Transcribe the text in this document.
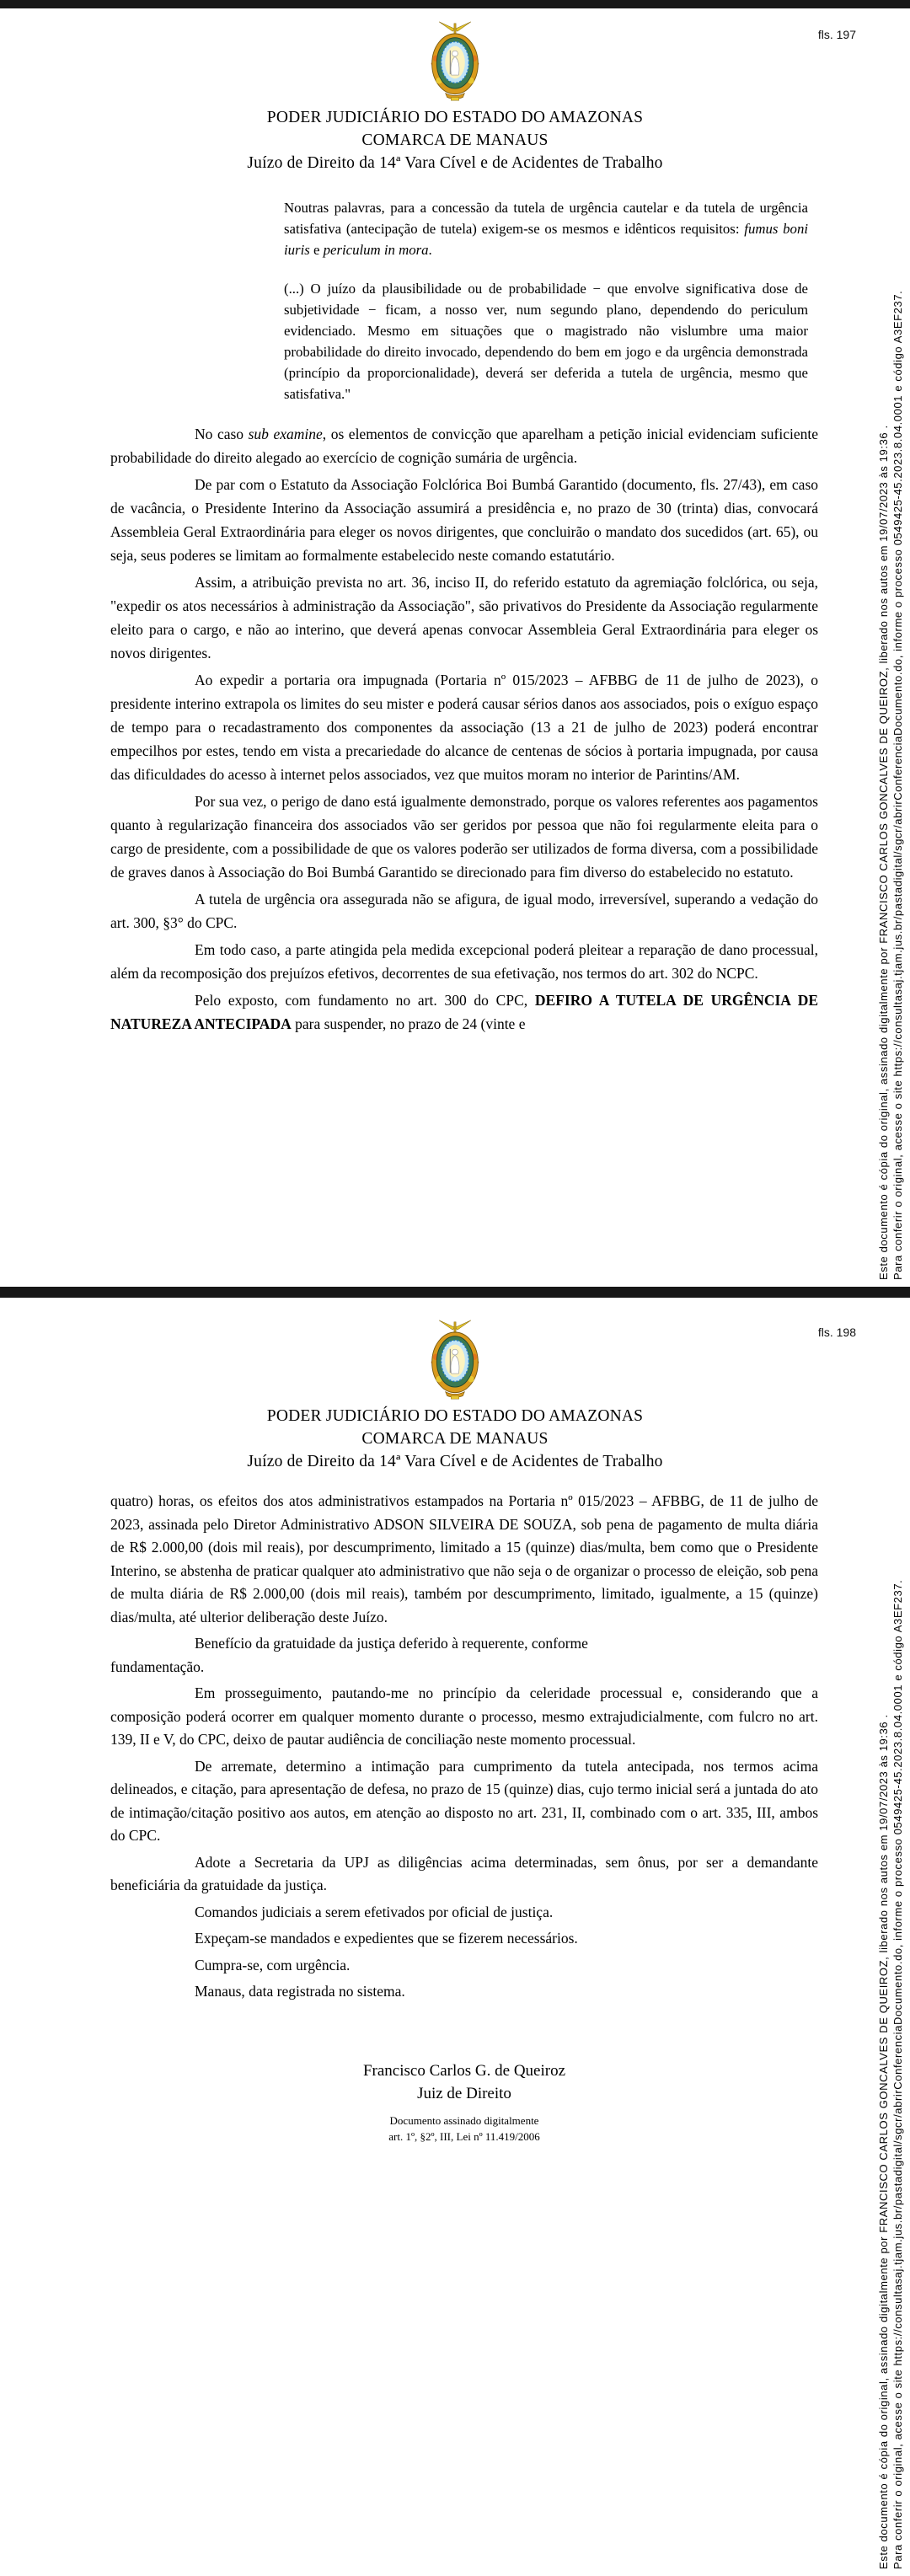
fls. 197
PODER JUDICIÁRIO DO ESTADO DO AMAZONAS
COMARCA DE MANAUS
Juízo de Direito da 14ª Vara Cível e de Acidentes de Trabalho

Noutras palavras, para a concessão da tutela de urgência cautelar e da tutela de urgência satisfativa (antecipação de tutela) exigem-se os mesmos e idênticos requisitos: fumus boni iuris e periculum in mora.

(...) O juízo da plausibilidade ou de probabilidade − que envolve significativa dose de subjetividade − ficam, a nosso ver, num segundo plano, dependendo do periculum evidenciado. Mesmo em situações que o magistrado não vislumbre uma maior probabilidade do direito invocado, dependendo do bem em jogo e da urgência demonstrada (princípio da proporcionalidade), deverá ser deferida a tutela de urgência, mesmo que satisfativa."

No caso sub examine, os elementos de convicção que aparelham a petição inicial evidenciam suficiente probabilidade do direito alegado ao exercício de cognição sumária de urgência.

De par com o Estatuto da Associação Folclórica Boi Bumbá Garantido (documento, fls. 27/43), em caso de vacância, o Presidente Interino da Associação assumirá a presidência e, no prazo de 30 (trinta) dias, convocará Assembleia Geral Extraordinária para eleger os novos dirigentes, que concluirão o mandato dos sucedidos (art. 65), ou seja, seus poderes se limitam ao formalmente estabelecido neste comando estatutário.

Assim, a atribuição prevista no art. 36, inciso II, do referido estatuto da agremiação folclórica, ou seja, "expedir os atos necessários à administração da Associação", são privativos do Presidente da Associação regularmente eleito para o cargo, e não ao interino, que deverá apenas convocar Assembleia Geral Extraordinária para eleger os novos dirigentes.

Ao expedir a portaria ora impugnada (Portaria nº 015/2023 – AFBBG de 11 de julho de 2023), o presidente interino extrapola os limites do seu mister e poderá causar sérios danos aos associados, pois o exíguo espaço de tempo para o recadastramento dos componentes da associação (13 a 21 de julho de 2023) poderá encontrar empecilhos por estes, tendo em vista a precariedade do alcance de centenas de sócios à portaria impugnada, por causa das dificuldades do acesso à internet pelos associados, vez que muitos moram no interior de Parintins/AM.

Por sua vez, o perigo de dano está igualmente demonstrado, porque os valores referentes aos pagamentos quanto à regularização financeira dos associados vão ser geridos por pessoa que não foi regularmente eleita para o cargo de presidente, com a possibilidade de que os valores poderão ser utilizados de forma diversa, com a possibilidade de graves danos à Associação do Boi Bumbá Garantido se direcionado para fim diverso do estabelecido no estatuto.

A tutela de urgência ora assegurada não se afigura, de igual modo, irreversível, superando a vedação do art. 300, §3° do CPC.

Em todo caso, a parte atingida pela medida excepcional poderá pleitear a reparação de dano processual, além da recomposição dos prejuízos efetivos, decorrentes de sua efetivação, nos termos do art. 302 do NCPC.

Pelo exposto, com fundamento no art. 300 do CPC, DEFIRO A TUTELA DE URGÊNCIA DE NATUREZA ANTECIPADA para suspender, no prazo de 24 (vinte e	Este documento é cópia do original, assinado digitalmente por FRANCISCO CARLOS GONCALVES DE QUEIROZ, liberado nos autos em 19/07/2023 às 19:36 . Para conferir o original, acesse o site https://consultasaj.tjam.jus.br/pastadigital/sgcr/abrirConferenciaDocumento.do, informe o processo 0549425-45.2023.8.04.0001 e código A3EF237.
fls. 198
PODER JUDICIÁRIO DO ESTADO DO AMAZONAS
COMARCA DE MANAUS
Juízo de Direito da 14ª Vara Cível e de Acidentes de Trabalho

quatro) horas, os efeitos dos atos administrativos estampados na Portaria nº 015/2023 – AFBBG, de 11 de julho de 2023, assinada pelo Diretor Administrativo ADSON SILVEIRA DE SOUZA, sob pena de pagamento de multa diária de R$ 2.000,00 (dois mil reais), por descumprimento, limitado a 15 (quinze) dias/multa, bem como que o Presidente Interino, se abstenha de praticar qualquer ato administrativo que não seja o de organizar o processo de eleição, sob pena de multa diária de R$ 2.000,00 (dois mil reais), também por descumprimento, limitado, igualmente, a 15 (quinze) dias/multa, até ulterior deliberação deste Juízo.

Benefício da gratuidade da justiça deferido à requerente, conforme
fundamentação.

Em prosseguimento, pautando-me no princípio da celeridade processual e, considerando que a composição poderá ocorrer em qualquer momento durante o processo, mesmo extrajudicialmente, com fulcro no art. 139, II e V, do CPC, deixo de pautar audiência de conciliação neste momento processual.

De arremate, determino a intimação para cumprimento da tutela antecipada, nos termos acima delineados, e citação, para apresentação de defesa, no prazo de 15 (quinze) dias, cujo termo inicial será a juntada do ato de intimação/citação positivo aos autos, em atenção ao disposto no art. 231, II, combinado com o art. 335, III, ambos do CPC.

Adote a Secretaria da UPJ as diligências acima determinadas, sem ônus, por ser a demandante beneficiária da gratuidade da justiça.

Comandos judiciais a serem efetivados por oficial de justiça.

Expeçam-se mandados e expedientes que se fizerem necessários.

Cumpra-se, com urgência.

Manaus, data registrada no sistema.

Francisco Carlos G. de Queiroz
Juiz de Direito
Documento assinado digitalmente
art. 1º, §2º, III, Lei nº 11.419/2006	Este documento é cópia do original, assinado digitalmente por FRANCISCO CARLOS GONCALVES DE QUEIROZ, liberado nos autos em 19/07/2023 às 19:36 . Para conferir o original, acesse o site https://consultasaj.tjam.jus.br/pastadigital/sgcr/abrirConferenciaDocumento.do, informe o processo 0549425-45.2023.8.04.0001 e código A3EF237.
